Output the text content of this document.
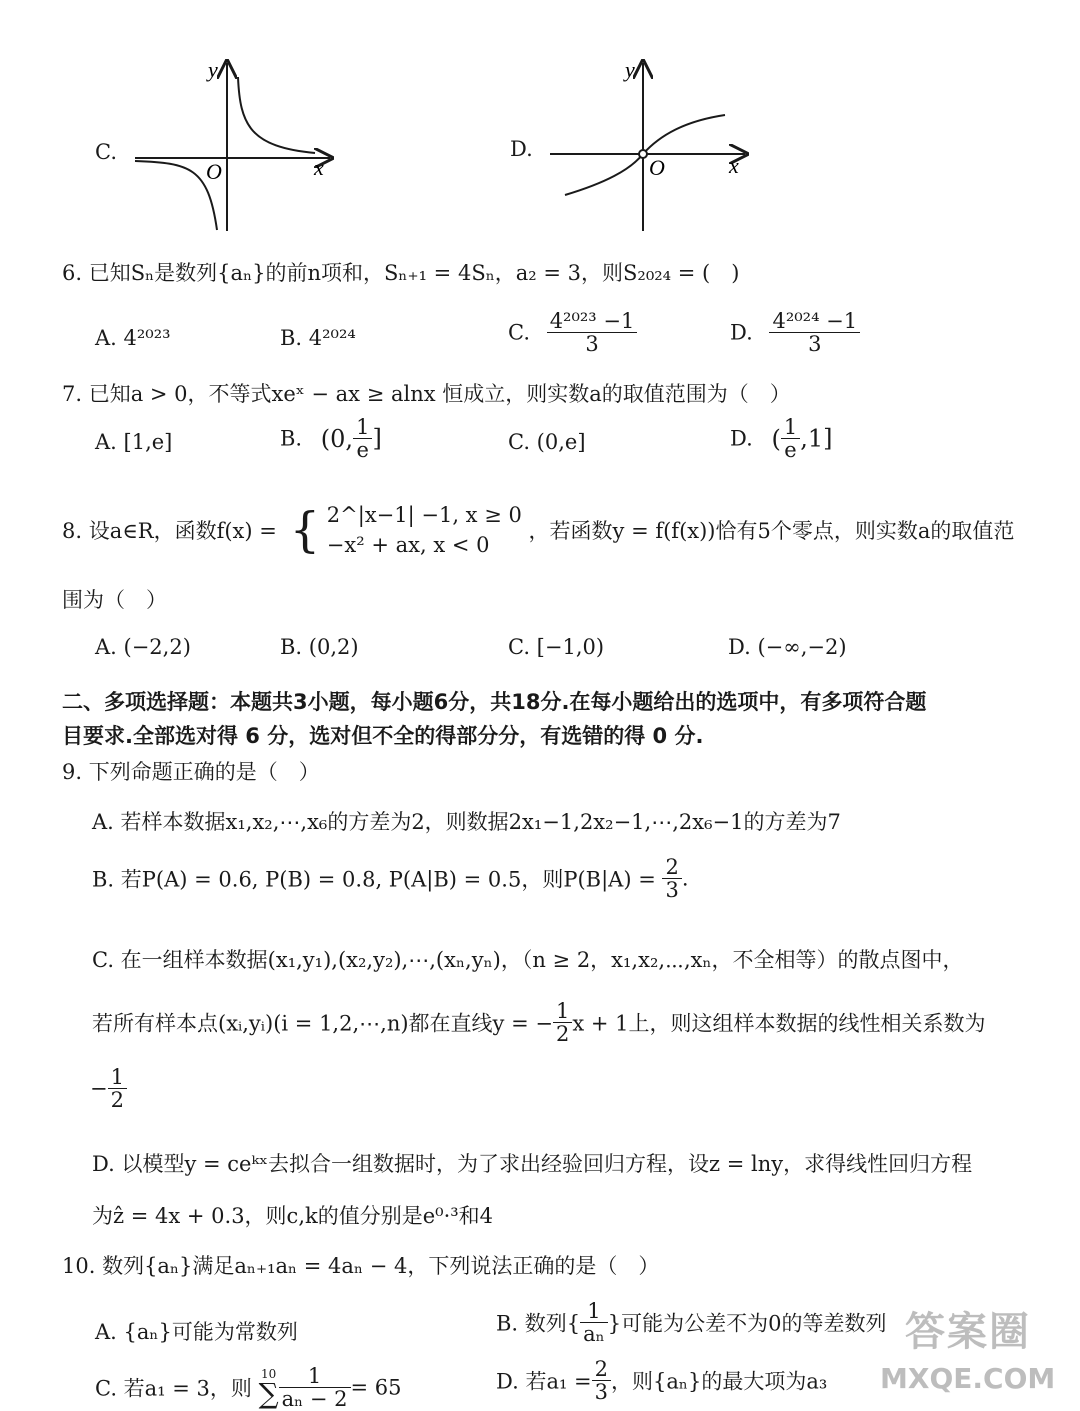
C.
x
y
O
D.
x
y
O
6. 已知Sₙ是数列{aₙ}的前n项和，Sₙ₊₁ = 4Sₙ，a₂ = 3，则S₂₀₂₄ = (　)
A. 4²⁰²³	B. 4²⁰²⁴	C. $\frac{\text{4²⁰²³ −1}}{3}$	D. $\frac{\text{4²⁰²⁴ −1}}{3}$
7. 已知a > 0，不等式xeˣ − ax ≥ alnx 恒成立，则实数a的取值范围为（　）
A. [1,e]	B. (0, $\frac{1}{e}$ ]	C. (0,e]	D. ( $\frac{1}{e} ,1$]
8. 设a∈R，函数f(x) = { 2^|x−1| −1, x ≥ 0
−x² + ax, x < 0
，若函数y = f(f(x))恰有5个零点，则实数a的取值范
围为（　）
A. (−2,2)	B. (0,2)	C. [−1,0)	D. (−∞,−2)
二、多项选择题：本题共3小题，每小题6分，共18分.在每小题给出的选项中，有多项符合题
目要求.全部选对得 6 分，选对但不全的得部分分，有选错的得 0 分.
9. 下列命题正确的是（　）
A. 若样本数据x₁,x₂,⋯,x₆的方差为2，则数据2x₁−1,2x₂−1,⋯,2x₆−1的方差为7
B. 若P(A) = 0.6, P(B) = 0.8, P(A|B) = 0.5，则$P(B|A) = \frac{2}{3}$ .
C. 在一组样本数据(x₁,y₁),(x₂,y₂),⋯,(xₙ,yₙ)，（n ≥ 2，x₁,x₂,⋯,xₙ，不全相等）的散点图中，
若所有样本点(xᵢ,yᵢ)(i = 1,2,⋯,n)都在直线y = − $\frac{1}{2}$ x + 1上，则这组样本数据的线性相关系数为
− $\frac{1}{2}$
D. 以模型y = ceᵏˣ去拟合一组数据时，为了求出经验回归方程，设z = lny，求得线性回归方程
为ẑ = 4x + 0.3，则c,k的值分别是e⁰·³和4
10. 数列{aₙ}满足aₙ₊₁aₙ = 4aₙ − 4，下列说法正确的是（　）
A. {aₙ}可能为常数列	B. 数列{ $\frac{1}{\text{aₙ}}$ }可能为公差不为0的等差数列
C. 若a₁ = 3，则
10
∑ $\frac{1}{\text{aₙ − 2}} = 65$	D. 若$a_1 = \frac{2}{3}$ ，则{aₙ}的最大项为a₃
答案圈
MXQE.COM
